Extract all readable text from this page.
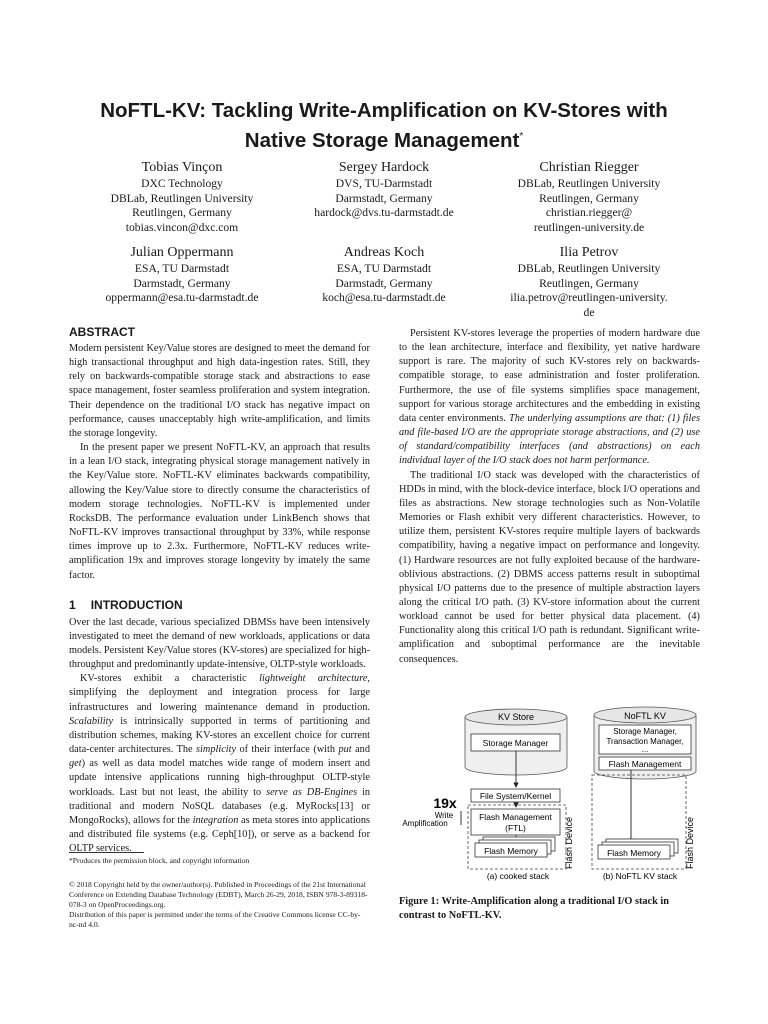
NoFTL-KV: Tackling Write-Amplification on KV-Stores with
Native Storage Management*
Tobias Vinçon
DXC Technology
DBLab, Reutlingen University
Reutlingen, Germany
tobias.vincon@dxc.com
Sergey Hardock
DVS, TU-Darmstadt
Darmstadt, Germany
hardock@dvs.tu-darmstadt.de
Christian Riegger
DBLab, Reutlingen University
Reutlingen, Germany
christian.riegger@
reutlingen-university.de
Julian Oppermann
ESA, TU Darmstadt
Darmstadt, Germany
oppermann@esa.tu-darmstadt.de
Andreas Koch
ESA, TU Darmstadt
Darmstadt, Germany
koch@esa.tu-darmstadt.de
Ilia Petrov
DBLab, Reutlingen University
Reutlingen, Germany
ilia.petrov@reutlingen-university.
de
ABSTRACT

Modern persistent Key/Value stores are designed to meet the demand for high transactional throughput and high data-ingestion rates. Still, they rely on backwards-compatible storage stack and abstractions to ease space management, foster seamless proliferation and system integration. Their dependence on the traditional I/O stack has negative impact on performance, causes unacceptably high write-amplification, and limits the storage longevity.

In the present paper we present NoFTL-KV, an approach that results in a lean I/O stack, integrating physical storage management natively in the Key/Value store. NoFTL-KV eliminates backwards compatibility, allowing the Key/Value store to directly consume the characteristics of modern storage technologies. NoFTL-KV is implemented under RocksDB. The performance evaluation under LinkBench shows that NoFTL-KV improves transactional throughput by 33%, while response times improve up to 2.3x. Furthermore, NoFTL-KV reduces write-amplification 19x and improves storage longevity by imately the same factor.

1 INTRODUCTION

Over the last decade, various specialized DBMSs have been intensively investigated to meet the demand of new workloads, applications or data models. Persistent Key/Value stores (KV-stores) are specialized for high-throughput and predominantly update-intensive, OLTP-style workloads.

KV-stores exhibit a characteristic lightweight architecture, simplifying the deployment and integration process for large infrastructures and lowering maintenance demand in production. Scalability is intrinsically supported in terms of partitioning and distribution schemes, making KV-stores an excellent choice for current data-center architectures. The simplicity of their interface (with put and get) as well as data model matches wide range of modern insert and update intensive applications running high-throughput OLTP-style workloads. Last but not least, the ability to serve as DB-Engines in traditional and modern NoSQL databases (e.g. MyRocks[13] or MongoRocks), allows for the integration as meta stores into applications and distributed file systems (e.g. Ceph[10]), or serve as a backend for OLTP services.

*Produces the permission block, and copyright information
© 2018 Copyright held by the owner/author(s). Published in Proceedings of the 21st International Conference on Extending Database Technology (EDBT), March 26-29, 2018, ISBN 978-3-89318-078-3 on OpenProceedings.org.
Distribution of this paper is permitted under the terms of the Creative Commons license CC-by-nc-nd 4.0.

Persistent KV-stores leverage the properties of modern hardware due to the lean architecture, interface and flexibility, yet native hardware support is rare. The majority of such KV-stores rely on backwards-compatible storage, to ease administration and foster proliferation. Furthermore, the use of file systems simplifies space management, support for various storage architectures and the embedding in existing data center environments. The underlying assumptions are that: (1) files and file-based I/O are the appropriate storage abstractions, and (2) use of standard/compatibility interfaces (and abstractions) on each individual layer of the I/O stack does not harm performance.

The traditional I/O stack was developed with the characteristics of HDDs in mind, with the block-device interface, block I/O operations and files as abstractions. New storage technologies such as Non-Volatile Memories or Flash exhibit very different characteristics. However, to utilize them, persistent KV-stores require multiple layers of backwards compatibility, having a negative impact on performance and longevity. (1) Hardware resources are not fully exploited because of the hardware-oblivious abstractions. (2) DBMS access patterns result in suboptimal physical I/O patterns due to the presence of multiple abstraction layers along the critical I/O path. (3) KV-store information about the current workload cannot be used for better physical data placement. (4) Functionality along this critical I/O path is redundant. Significant write-amplification and suboptimal performance are the inevitable consequences.

KV Store
Storage Manager
NoFTL KV
Storage Manager,
Transaction Manager,
...
Flash Management
File System/Kernel
Flash Management
(FTL)
Flash Memory	Flash Device	Flash Memory	Flash Device
19x
Write
Amplification
(a) cooked stack	(b) NoFTL KV stack
Figure 1: Write-Amplification along a traditional I/O stack in contrast to NoFTL-KV.
